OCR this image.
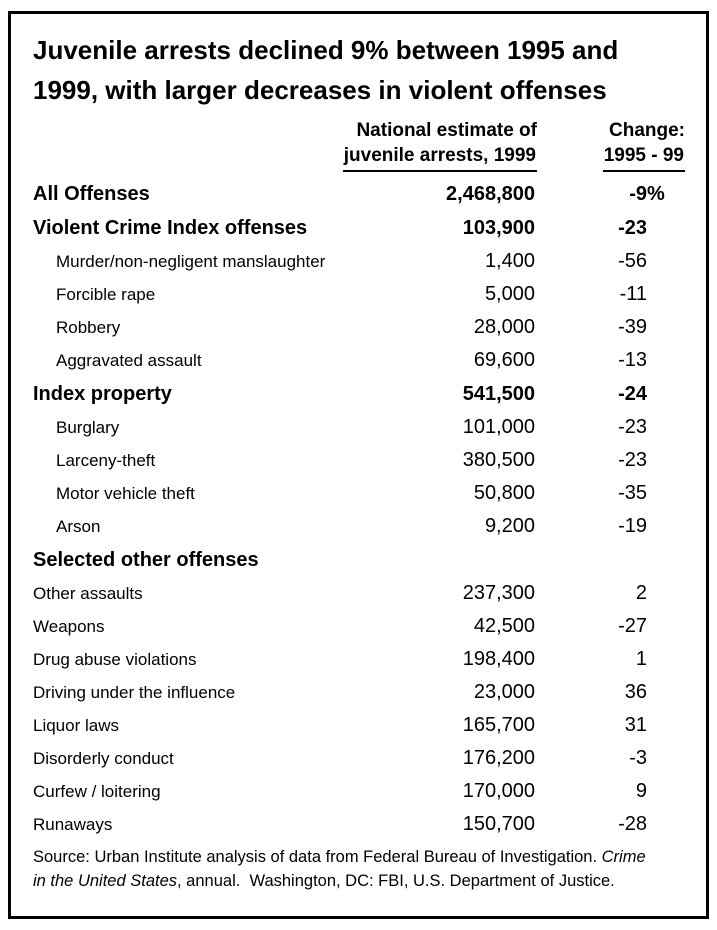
Juvenile arrests declined 9% between 1995 and
1999, with larger decreases in violent offenses
National estimate of
juvenile arrests, 1999
Change:
1995 - 99
All Offenses	2,468,800	-9 %
Violent Crime Index offenses	103,900	-23
Murder/non-negligent manslaughter	1,400	-56
Forcible rape	5,000	-11
Robbery	28,000	-39
Aggravated assault	69,600	-13
Index property	541,500	-24
Burglary	101,000	-23
Larceny-theft	380,500	-23
Motor vehicle theft	50,800	-35
Arson	9,200	-19
Selected other offenses
Other assaults	237,300	2
Weapons	42,500	-27
Drug abuse violations	198,400	1
Driving under the influence	23,000	36
Liquor laws	165,700	31
Disorderly conduct	176,200	-3
Curfew / loitering	170,000	9
Runaways	150,700	-28
Source: Urban Institute analysis of data from Federal Bureau of Investigation. Crime
in the United States, annual.  Washington, DC: FBI, U.S. Department of Justice.
